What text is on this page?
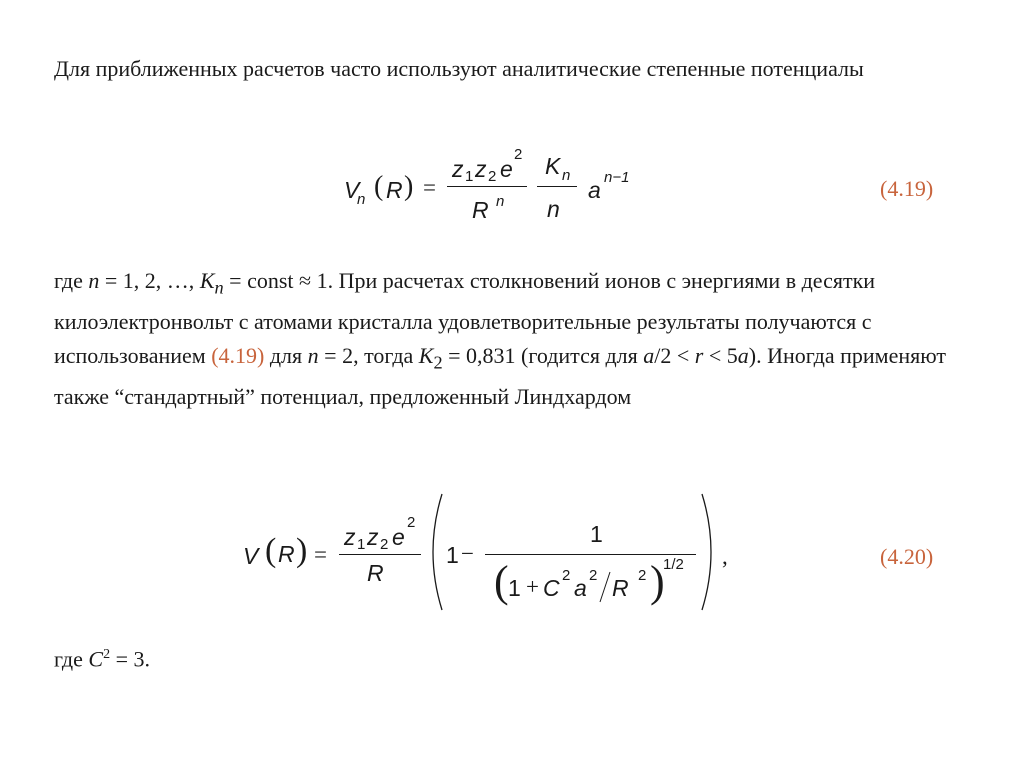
Для приближенных расчетов часто используют аналитические степенные потенциалы

V
n ( R ) =
z 1 z 2 e
2
R n
K n
n
a n−1	(4.19)

где n = 1, 2, …, $K_n$ = const ≈ 1. При расчетах столкновений ионов с энергиями в десятки килоэлектронвольт с атомами кристалла удовлетворительные результаты получаются с использованием (4.19) для n = 2, тогда $K_2 = 0,831$ (годится для a/2 < r < 5a). Иногда применяют также “стандартный” потенциал, предложенный Линдхардом

V ( R ) =
z 1 z 2 e
2
R
1 −
1
( 1 + C 2 a 2 R 2 )
1/2 ,	(4.20)

где $C^2 = 3$.
